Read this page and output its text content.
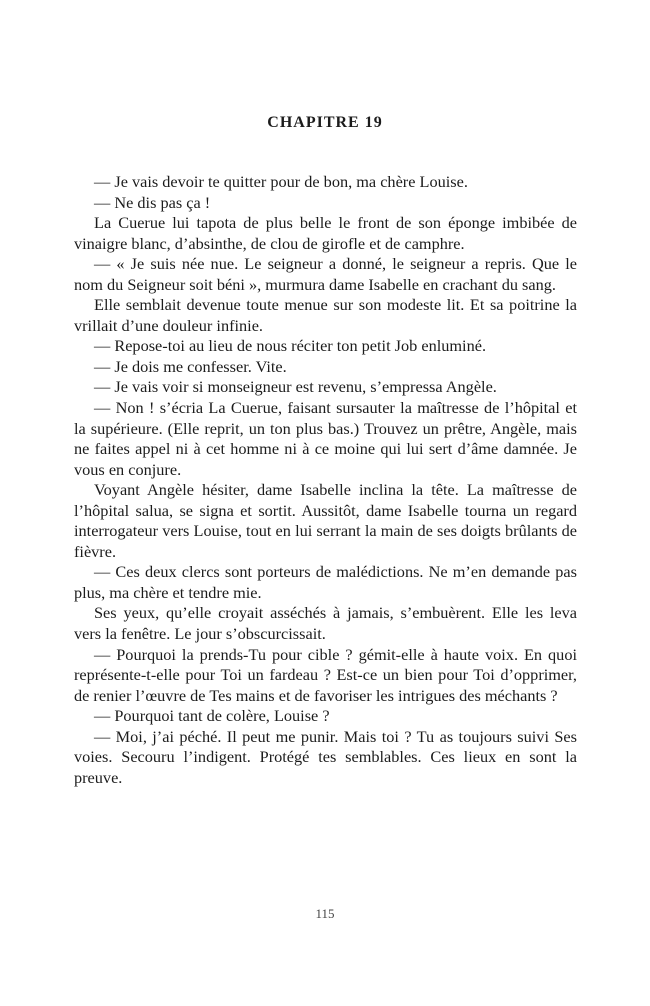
CHAPITRE 19

— Je vais devoir te quitter pour de bon, ma chère Louise.

— Ne dis pas ça !

La Cuerue lui tapota de plus belle le front de son éponge imbibée de vinaigre blanc, d’absinthe, de clou de girofle et de camphre.

— « Je suis née nue. Le seigneur a donné, le seigneur a repris. Que le nom du Seigneur soit béni », murmura dame Isabelle en crachant du sang.

Elle semblait devenue toute menue sur son modeste lit. Et sa poitrine la vrillait d’une douleur infinie.

— Repose-toi au lieu de nous réciter ton petit Job enluminé.

— Je dois me confesser. Vite.

— Je vais voir si monseigneur est revenu, s’empressa Angèle.

— Non ! s’écria La Cuerue, faisant sursauter la maîtresse de l’hôpital et la supérieure. (Elle reprit, un ton plus bas.) Trouvez un prêtre, Angèle, mais ne faites appel ni à cet homme ni à ce moine qui lui sert d’âme damnée. Je vous en conjure.

Voyant Angèle hésiter, dame Isabelle inclina la tête. La maîtresse de l’hôpital salua, se signa et sortit. Aussitôt, dame Isabelle tourna un regard interrogateur vers Louise, tout en lui serrant la main de ses doigts brûlants de fièvre.

— Ces deux clercs sont porteurs de malédictions. Ne m’en demande pas plus, ma chère et tendre mie.

Ses yeux, qu’elle croyait asséchés à jamais, s’embuèrent. Elle les leva vers la fenêtre. Le jour s’obscurcissait.

— Pourquoi la prends-Tu pour cible ? gémit-elle à haute voix. En quoi représente-t-elle pour Toi un fardeau ? Est-ce un bien pour Toi d’opprimer, de renier l’œuvre de Tes mains et de favoriser les intrigues des méchants ?

— Pourquoi tant de colère, Louise ?

— Moi, j’ai péché. Il peut me punir. Mais toi ? Tu as toujours suivi Ses voies. Secouru l’indigent. Protégé tes semblables. Ces lieux en sont la preuve.

115
